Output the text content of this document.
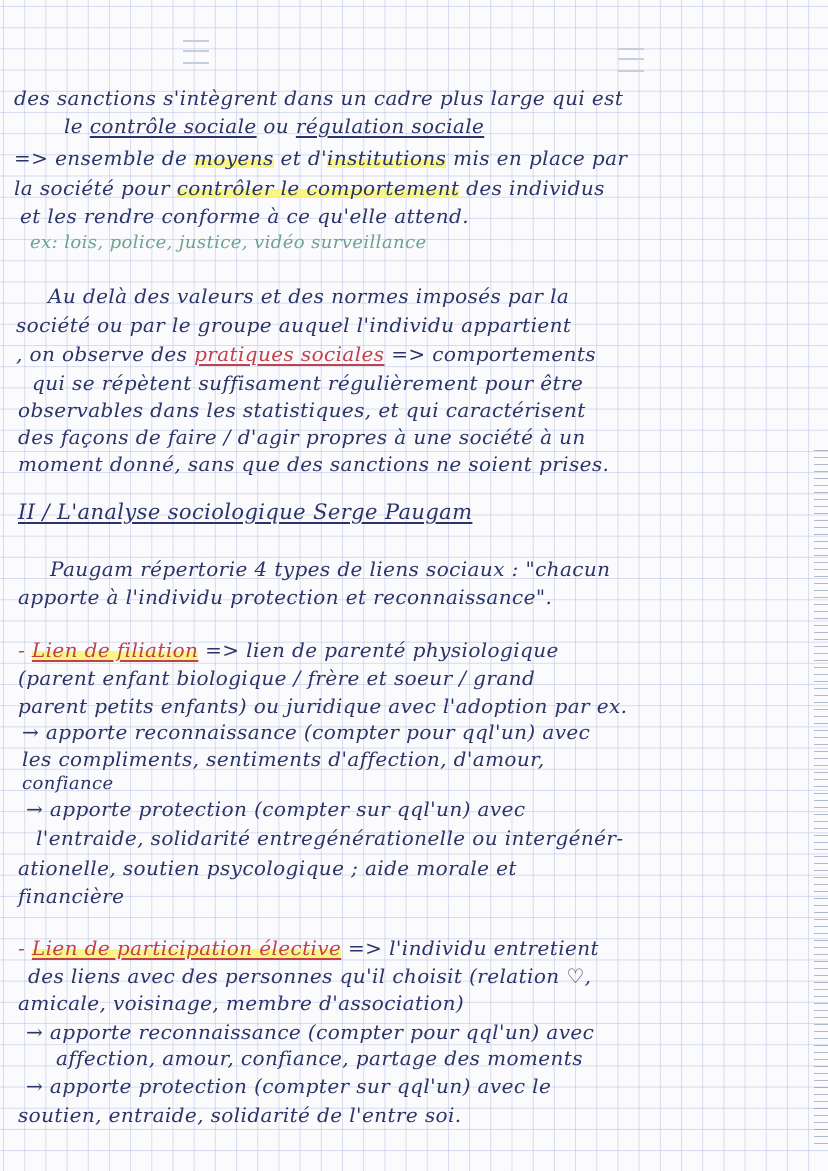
des sanctions s'intègrent dans un cadre plus large qui est
le contrôle sociale ou régulation sociale
=> ensemble de moyens et d'institutions mis en place par
la société pour contrôler le comportement des individus
et les rendre conforme à ce qu'elle attend.
ex: lois, police, justice, vidéo surveillance
Au delà des valeurs et des normes imposés par la
société ou par le groupe auquel l'individu appartient
, on observe des pratiques sociales => comportements
qui se répètent suffisament régulièrement pour être
observables dans les statistiques, et qui caractérisent
des façons de faire / d'agir propres à une société à un
moment donné, sans que des sanctions ne soient prises.
II / L'analyse sociologique Serge Paugam
Paugam répertorie 4 types de liens sociaux : "chacun
apporte à l'individu protection et reconnaissance".
- Lien de filiation => lien de parenté physiologique
(parent enfant biologique / frère et soeur / grand
parent petits enfants) ou juridique avec l'adoption par ex.
→ apporte reconnaissance (compter pour qql'un) avec
les compliments, sentiments d'affection, d'amour,
confiance
→ apporte protection (compter sur qql'un) avec
l'entraide, solidarité entregénérationelle ou intergénér-
ationelle, soutien psycologique ; aide morale et
financière
- Lien de participation élective => l'individu entretient
des liens avec des personnes qu'il choisit (relation ♡,
amicale, voisinage, membre d'association)
→ apporte reconnaissance (compter pour qql'un) avec
affection, amour, confiance, partage des moments
→ apporte protection (compter sur qql'un) avec le
soutien, entraide, solidarité de l'entre soi.
